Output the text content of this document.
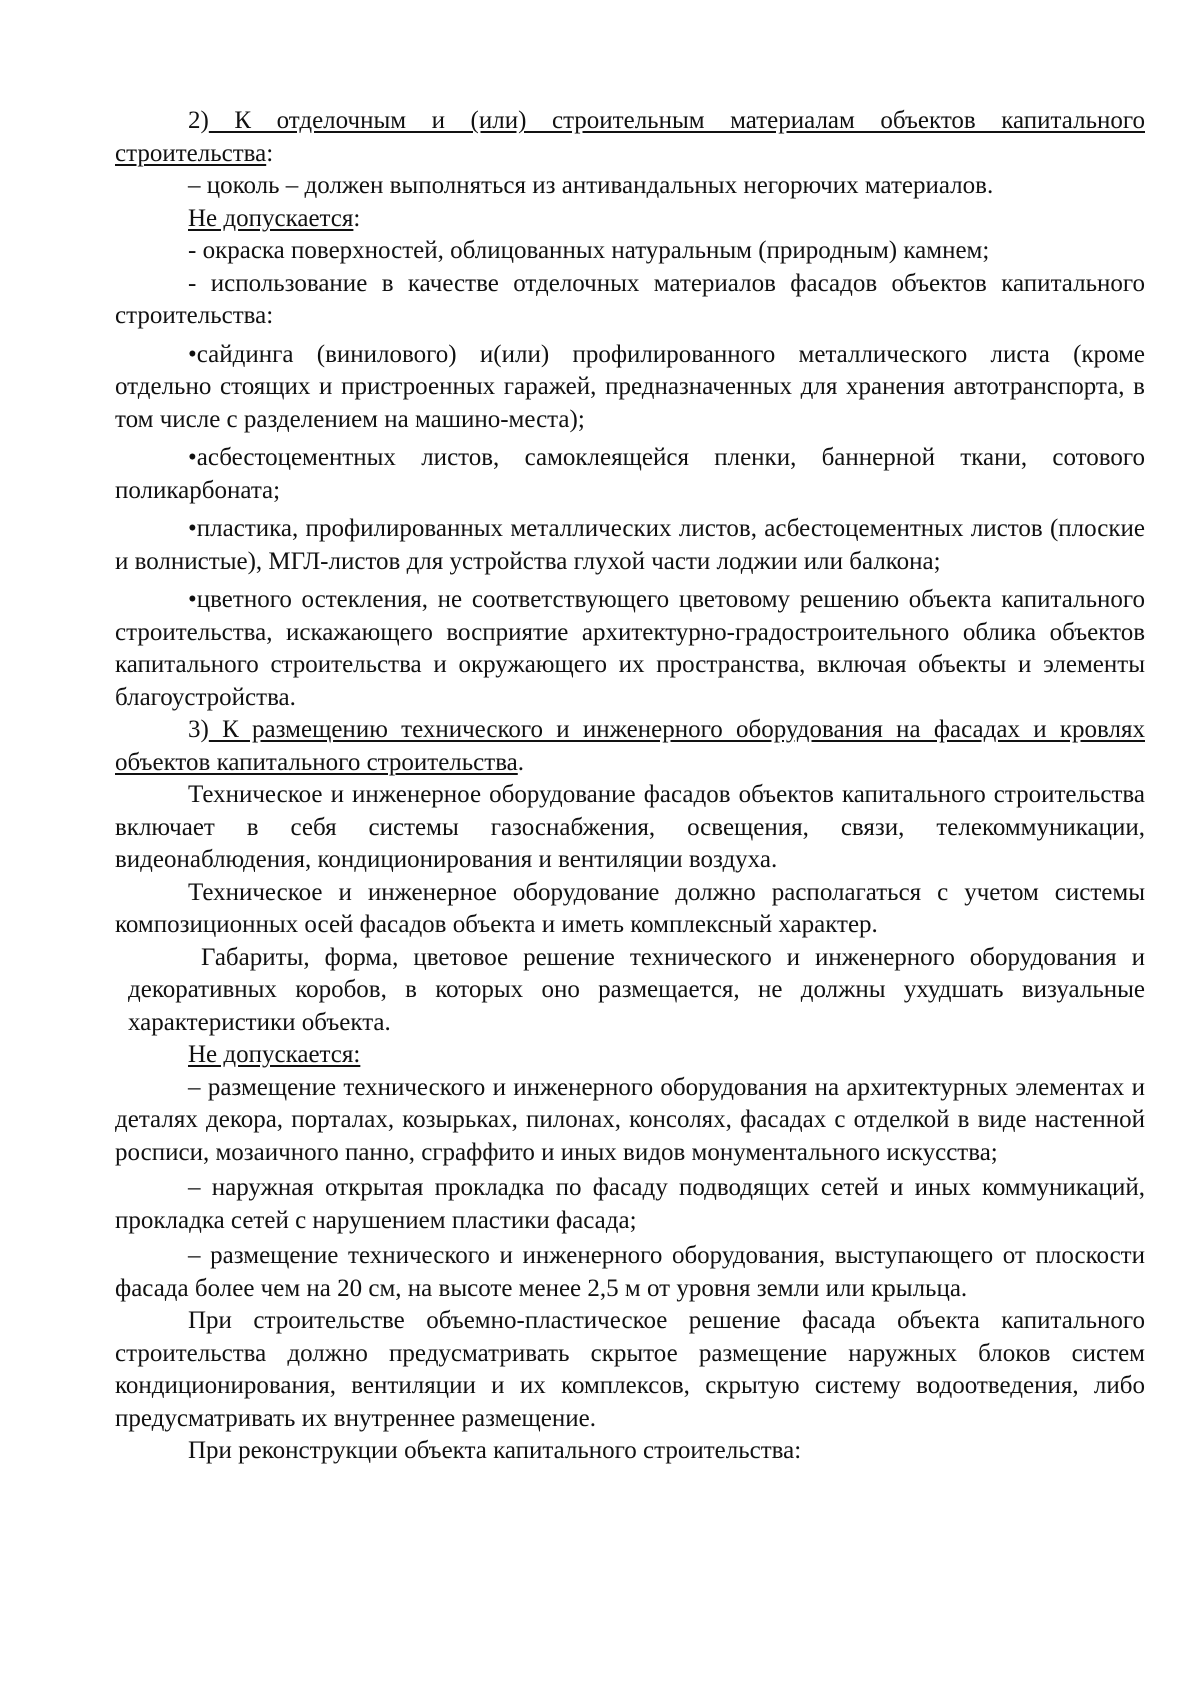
2) К отделочным и (или) строительным материалам объектов капитального строительства:

– цоколь – должен выполняться из антивандальных негорючих материалов.

Не допускается:

- окраска поверхностей, облицованных натуральным (природным) камнем;

- использование в качестве отделочных материалов фасадов объектов капитального строительства:

•сайдинга (винилового) и(или) профилированного металлического листа (кроме отдельно стоящих и пристроенных гаражей, предназначенных для хранения автотранспорта, в том числе с разделением на машино-места);

•асбестоцементных листов, самоклеящейся пленки, баннерной ткани, сотового поликарбоната;

•пластика, профилированных металлических листов, асбестоцементных листов (плоские и волнистые), МГЛ-листов для устройства глухой части лоджии или балкона;

•цветного остекления, не соответствующего цветовому решению объекта капитального строительства, искажающего восприятие архитектурно-градостроительного облика объектов капитального строительства и окружающего их пространства, включая объекты и элементы благоустройства.

3) К размещению технического и инженерного оборудования на фасадах и кровлях объектов капитального строительства.

Техническое и инженерное оборудование фасадов объектов капитального строительства включает в себя системы газоснабжения, освещения, связи, телекоммуникации, видеонаблюдения, кондиционирования и вентиляции воздуха.

Техническое и инженерное оборудование должно располагаться с учетом системы композиционных осей фасадов объекта и иметь комплексный характер.

Габариты, форма, цветовое решение технического и инженерного оборудования и декоративных коробов, в которых оно размещается, не должны ухудшать визуальные характеристики объекта.

Не допускается:

– размещение технического и инженерного оборудования на архитектурных элементах и деталях декора, порталах, козырьках, пилонах, консолях, фасадах с отделкой в виде настенной росписи, мозаичного панно, сграффито и иных видов монументального искусства;

– наружная открытая прокладка по фасаду подводящих сетей и иных коммуникаций, прокладка сетей с нарушением пластики фасада;

– размещение технического и инженерного оборудования, выступающего от плоскости фасада более чем на 20 см, на высоте менее 2,5 м от уровня земли или крыльца.

При строительстве объемно-пластическое решение фасада объекта капитального строительства должно предусматривать скрытое размещение наружных блоков систем кондиционирования, вентиляции и их комплексов, скрытую систему водоотведения, либо предусматривать их внутреннее размещение.

При реконструкции объекта капитального строительства:
